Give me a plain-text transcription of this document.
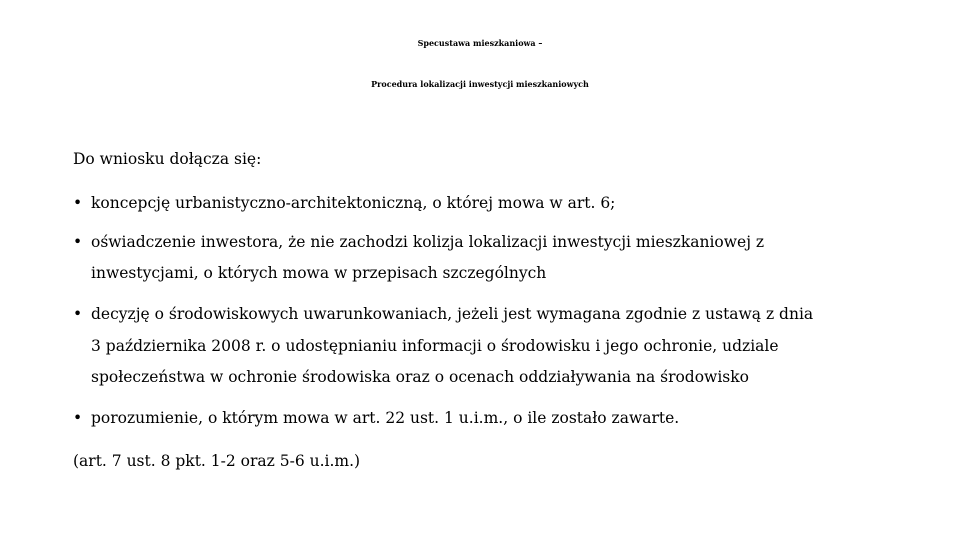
Specustawa mieszkaniowa –
Procedura lokalizacji inwestycji mieszkaniowych
Do wniosku dołącza się:
• koncepcję urbanistyczno-architektoniczną, o której mowa w art. 6;
• oświadczenie inwestora, że nie zachodzi kolizja lokalizacji inwestycji mieszkaniowej z
inwestycjami, o których mowa w przepisach szczególnych
• decyzję o środowiskowych uwarunkowaniach, jeżeli jest wymagana zgodnie z ustawą z dnia
3 października 2008 r. o udostępnianiu informacji o środowisku i jego ochronie, udziale
społeczeństwa w ochronie środowiska oraz o ocenach oddziaływania na środowisko
• porozumienie, o którym mowa w art. 22 ust. 1 u.i.m., o ile zostało zawarte.
(art. 7 ust. 8 pkt. 1-2 oraz 5-6 u.i.m.)
